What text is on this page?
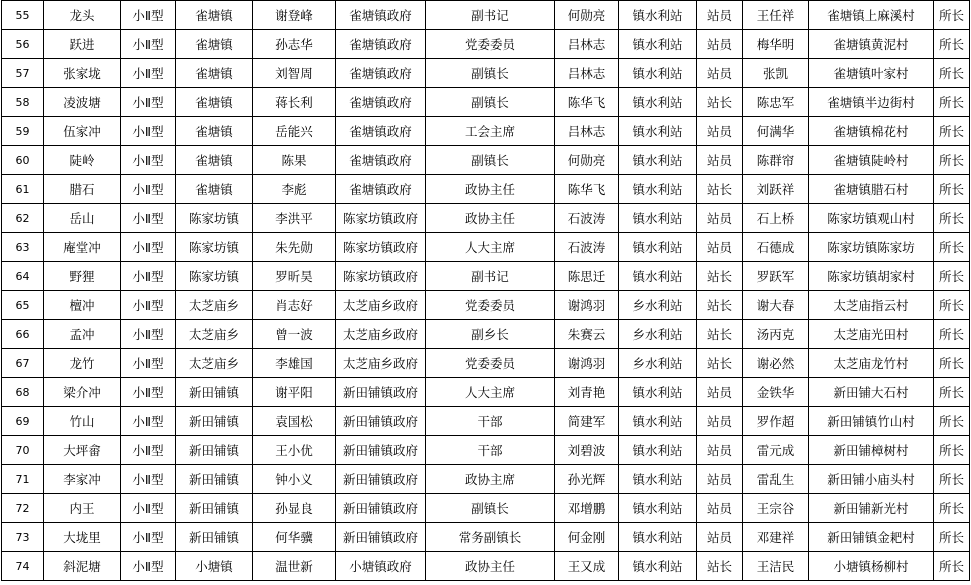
55	龙头	小Ⅱ型	雀塘镇	谢登峰	雀塘镇政府	副书记	何勋亮	镇水利站	站员	王任祥	雀塘镇上麻溪村	所长
56	跃进	小Ⅱ型	雀塘镇	孙志华	雀塘镇政府	党委委员	吕林志	镇水利站	站员	梅华明	雀塘镇黄泥村	所长
57	张家垅	小Ⅱ型	雀塘镇	刘智周	雀塘镇政府	副镇长	吕林志	镇水利站	站员	张凯	雀塘镇叶家村	所长
58	凌波塘	小Ⅱ型	雀塘镇	蒋长利	雀塘镇政府	副镇长	陈华飞	镇水利站	站长	陈忠军	雀塘镇半边街村	所长
59	伍家冲	小Ⅱ型	雀塘镇	岳能兴	雀塘镇政府	工会主席	吕林志	镇水利站	站员	何满华	雀塘镇棉花村	所长
60	陡岭	小Ⅱ型	雀塘镇	陈果	雀塘镇政府	副镇长	何勋亮	镇水利站	站员	陈群帘	雀塘镇陡岭村	所长
61	腊石	小Ⅱ型	雀塘镇	李彪	雀塘镇政府	政协主任	陈华飞	镇水利站	站长	刘跃祥	雀塘镇腊石村	所长
62	岳山	小Ⅱ型	陈家坊镇	李洪平	陈家坊镇政府	政协主任	石波涛	镇水利站	站员	石上桥	陈家坊镇观山村	所长
63	庵堂冲	小Ⅱ型	陈家坊镇	朱先勋	陈家坊镇政府	人大主席	石波涛	镇水利站	站员	石德成	陈家坊镇陈家坊	所长
64	野狸	小Ⅱ型	陈家坊镇	罗昕昊	陈家坊镇政府	副书记	陈思迁	镇水利站	站长	罗跃军	陈家坊镇胡家村	所长
65	檀冲	小Ⅱ型	太芝庙乡	肖志好	太芝庙乡政府	党委委员	谢鸿羽	乡水利站	站长	谢大春	太芝庙指云村	所长
66	孟冲	小Ⅱ型	太芝庙乡	曾一波	太芝庙乡政府	副乡长	朱赛云	乡水利站	站长	汤丙克	太芝庙光田村	所长
67	龙竹	小Ⅱ型	太芝庙乡	李雄国	太芝庙乡政府	党委委员	谢鸿羽	乡水利站	站长	谢必然	太芝庙龙竹村	所长
68	梁介冲	小Ⅱ型	新田铺镇	谢平阳	新田铺镇政府	人大主席	刘青艳	镇水利站	站员	金铁华	新田铺大石村	所长
69	竹山	小Ⅱ型	新田铺镇	袁国松	新田铺镇政府	干部	简建军	镇水利站	站员	罗作超	新田铺镇竹山村	所长
70	大坪畲	小Ⅱ型	新田铺镇	王小优	新田铺镇政府	干部	刘碧波	镇水利站	站员	雷元成	新田铺樟树村	所长
71	李家冲	小Ⅱ型	新田铺镇	钟小义	新田铺镇政府	政协主席	孙光辉	镇水利站	站员	雷乱生	新田铺小庙头村	所长
72	内王	小Ⅱ型	新田铺镇	孙显良	新田铺镇政府	副镇长	邓增鹏	镇水利站	站员	王宗谷	新田铺新光村	所长
73	大垅里	小Ⅱ型	新田铺镇	何华骥	新田铺镇政府	常务副镇长	何金刚	镇水利站	站员	邓建祥	新田铺镇金耙村	所长
74	斜泥塘	小Ⅱ型	小塘镇	温世新	小塘镇政府	政协主任	王又成	镇水利站	站长	王洁民	小塘镇杨柳村	所长
